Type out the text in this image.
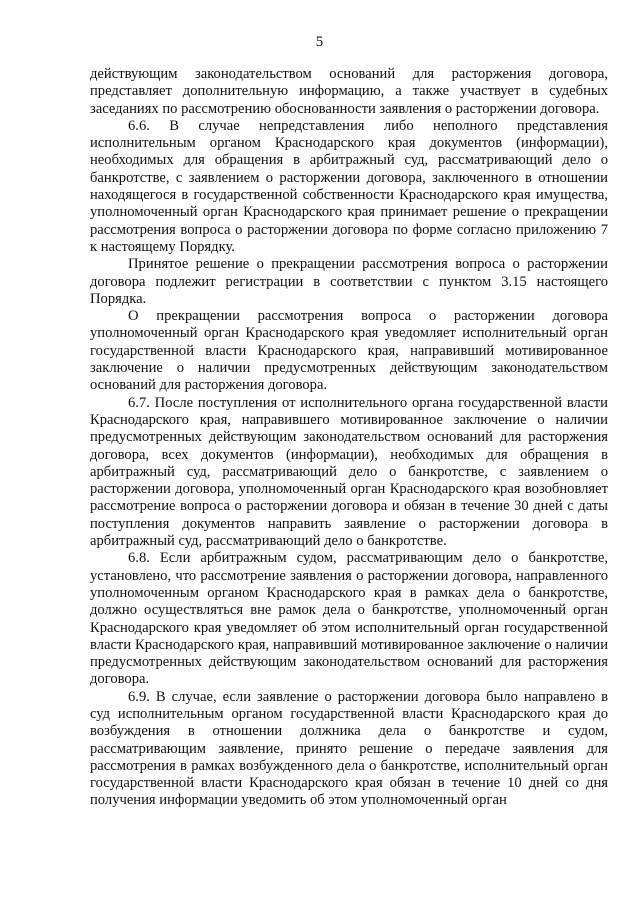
5

действующим законодательством оснований для расторжения договора, представляет дополнительную информацию, а также участвует в судебных заседаниях по рассмотрению обоснованности заявления о расторжении договора.

6.6. В случае непредставления либо неполного представления исполнительным органом Краснодарского края документов (информации), необходимых для обращения в арбитражный суд, рассматривающий дело о банкротстве, с заявлением о расторжении договора, заключенного в отношении находящегося в государственной собственности Краснодарского края имущества, уполномоченный орган Краснодарского края принимает решение о прекращении рассмотрения вопроса о расторжении договора по форме согласно приложению 7 к настоящему Порядку.

Принятое решение о прекращении рассмотрения вопроса о расторжении договора подлежит регистрации в соответствии с пунктом 3.15 настоящего Порядка.

О прекращении рассмотрения вопроса о расторжении договора уполномоченный орган Краснодарского края уведомляет исполнительный орган государственной власти Краснодарского края, направивший мотивированное заключение о наличии предусмотренных действующим законодательством оснований для расторжения договора.

6.7. После поступления от исполнительного органа государственной власти Краснодарского края, направившего мотивированное заключение о наличии предусмотренных действующим законодательством оснований для расторжения договора, всех документов (информации), необходимых для обращения в арбитражный суд, рассматривающий дело о банкротстве, с заявлением о расторжении договора, уполномоченный орган Краснодарского края возобновляет рассмотрение вопроса о расторжении договора и обязан в течение 30 дней с даты поступления документов направить заявление о расторжении договора в арбитражный суд, рассматривающий дело о банкротстве.

6.8. Если арбитражным судом, рассматривающим дело о банкротстве, установлено, что рассмотрение заявления о расторжении договора, направленного уполномоченным органом Краснодарского края в рамках дела о банкротстве, должно осуществляться вне рамок дела о банкротстве, уполномоченный орган Краснодарского края уведомляет об этом исполнительный орган государственной власти Краснодарского края, направивший мотивированное заключение о наличии предусмотренных действующим законодательством оснований для расторжения договора.

6.9. В случае, если заявление о расторжении договора было направлено в суд исполнительным органом государственной власти Краснодарского края до возбуждения в отношении должника дела о банкротстве и судом, рассматривающим заявление, принято решение о передаче заявления для рассмотрения в рамках возбужденного дела о банкротстве, исполнительный орган государственной власти Краснодарского края обязан в течение 10 дней со дня получения информации уведомить об этом уполномоченный орган
